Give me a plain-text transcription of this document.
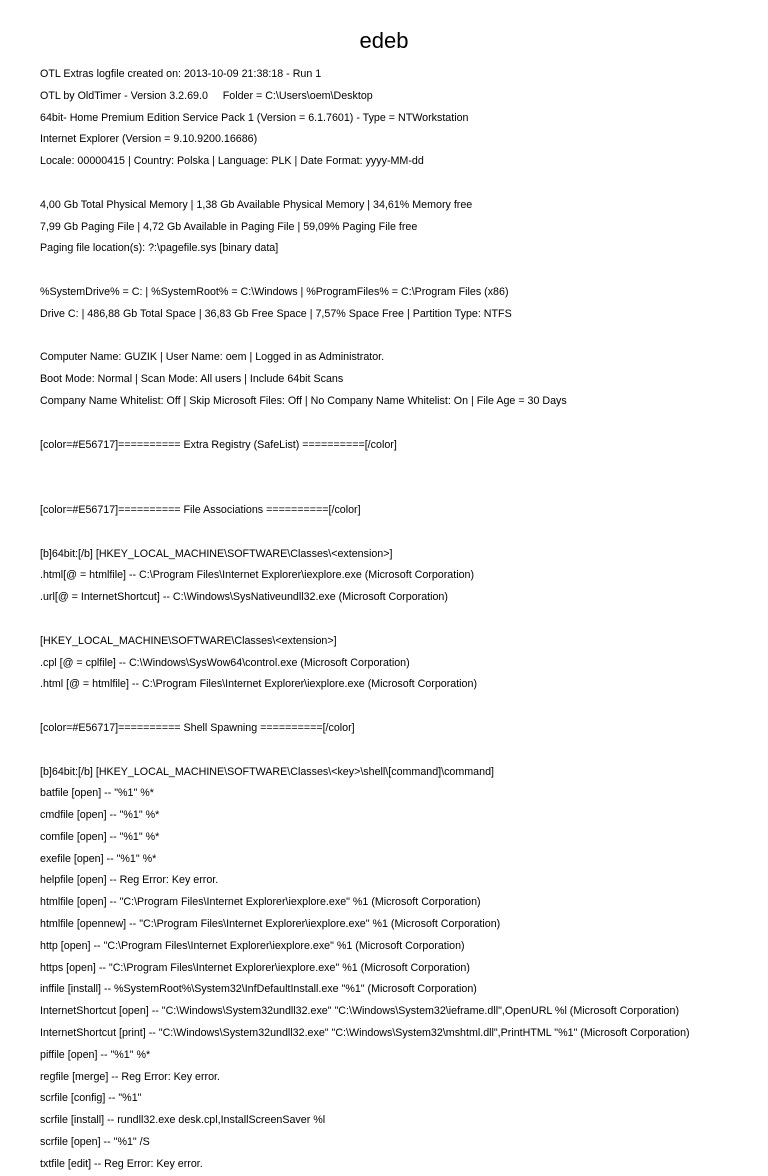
edeb
OTL Extras logfile created on: 2013-10-09 21:38:18 - Run 1
OTL by OldTimer - Version 3.2.69.0     Folder = C:\Users\oem\Desktop
64bit- Home Premium Edition Service Pack 1 (Version = 6.1.7601) - Type = NTWorkstation
Internet Explorer (Version = 9.10.9200.16686)
Locale: 00000415 | Country: Polska | Language: PLK | Date Format: yyyy-MM-dd
4,00 Gb Total Physical Memory | 1,38 Gb Available Physical Memory | 34,61% Memory free
7,99 Gb Paging File | 4,72 Gb Available in Paging File | 59,09% Paging File free
Paging file location(s): ?:\pagefile.sys [binary data]
%SystemDrive% = C: | %SystemRoot% = C:\Windows | %ProgramFiles% = C:\Program Files (x86)
Drive C: | 486,88 Gb Total Space | 36,83 Gb Free Space | 7,57% Space Free | Partition Type: NTFS
Computer Name: GUZIK | User Name: oem | Logged in as Administrator.
Boot Mode: Normal | Scan Mode: All users | Include 64bit Scans
Company Name Whitelist: Off | Skip Microsoft Files: Off | No Company Name Whitelist: On | File Age = 30 Days
[color=#E56717]========== Extra Registry (SafeList) ==========[/color]
[color=#E56717]========== File Associations ==========[/color]
[b]64bit:[/b] [HKEY_LOCAL_MACHINE\SOFTWARE\Classes\<extension>]
.html[@ = htmlfile] -- C:\Program Files\Internet Explorer\iexplore.exe (Microsoft Corporation)
.url[@ = InternetShortcut] -- C:\Windows\SysNativeundll32.exe (Microsoft Corporation)
[HKEY_LOCAL_MACHINE\SOFTWARE\Classes\<extension>]
.cpl [@ = cplfile] -- C:\Windows\SysWow64\control.exe (Microsoft Corporation)
.html [@ = htmlfile] -- C:\Program Files\Internet Explorer\iexplore.exe (Microsoft Corporation)
[color=#E56717]========== Shell Spawning ==========[/color]
[b]64bit:[/b] [HKEY_LOCAL_MACHINE\SOFTWARE\Classes\<key>\shell\[command]\command]
batfile [open] -- "%1" %*
cmdfile [open] -- "%1" %*
comfile [open] -- "%1" %*
exefile [open] -- "%1" %*
helpfile [open] -- Reg Error: Key error.
htmlfile [open] -- "C:\Program Files\Internet Explorer\iexplore.exe" %1 (Microsoft Corporation)
htmlfile [opennew] -- "C:\Program Files\Internet Explorer\iexplore.exe" %1 (Microsoft Corporation)
http [open] -- "C:\Program Files\Internet Explorer\iexplore.exe" %1 (Microsoft Corporation)
https [open] -- "C:\Program Files\Internet Explorer\iexplore.exe" %1 (Microsoft Corporation)
inffile [install] -- %SystemRoot%\System32\InfDefaultInstall.exe "%1" (Microsoft Corporation)
InternetShortcut [open] -- "C:\Windows\System32undll32.exe" "C:\Windows\System32\ieframe.dll",OpenURL %l (Microsoft Corporation)
InternetShortcut [print] -- "C:\Windows\System32undll32.exe" "C:\Windows\System32\mshtml.dll",PrintHTML "%1" (Microsoft Corporation)
piffile [open] -- "%1" %*
regfile [merge] -- Reg Error: Key error.
scrfile [config] -- "%1"
scrfile [install] -- rundll32.exe desk.cpl,InstallScreenSaver %l
scrfile [open] -- "%1" /S
txtfile [edit] -- Reg Error: Key error.
